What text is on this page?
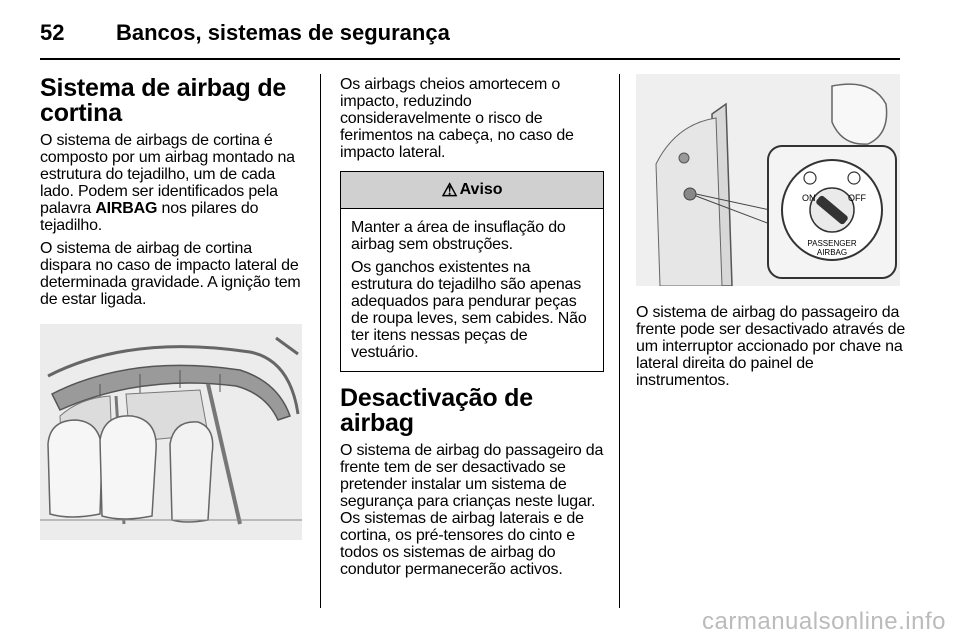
52 Bancos, sistemas de segurança
Sistema de airbag de cortina

O sistema de airbags de cortina é composto por um airbag montado na estrutura do tejadilho, um de cada lado. Podem ser identificados pela palavra AIRBAG nos pilares do tejadilho.

O sistema de airbag de cortina dispara no caso de impacto lateral de determinada gravidade. A ignição tem de estar ligada.

Os airbags cheios amortecem o impacto, reduzindo consideravelmente o risco de ferimentos na cabeça, no caso de impacto lateral.

⚠ Aviso

Manter a área de insuflação do airbag sem obstruções.

Os ganchos existentes na estrutura do tejadilho são apenas adequados para pendurar peças de roupa leves, sem cabides. Não ter itens nessas peças de vestuário.

Desactivação de airbag

O sistema de airbag do passageiro da frente tem de ser desactivado se pretender instalar um sistema de segurança para crianças neste lugar. Os sistemas de airbag laterais e de cortina, os pré-tensores do cinto e todos os sistemas de airbag do condutor permanecerão activos.

ON	OFF
PASSENGER
AIRBAG

O sistema de airbag do passageiro da frente pode ser desactivado através de um interruptor accionado por chave na lateral direita do painel de instrumentos.

carmanualsonline.info
